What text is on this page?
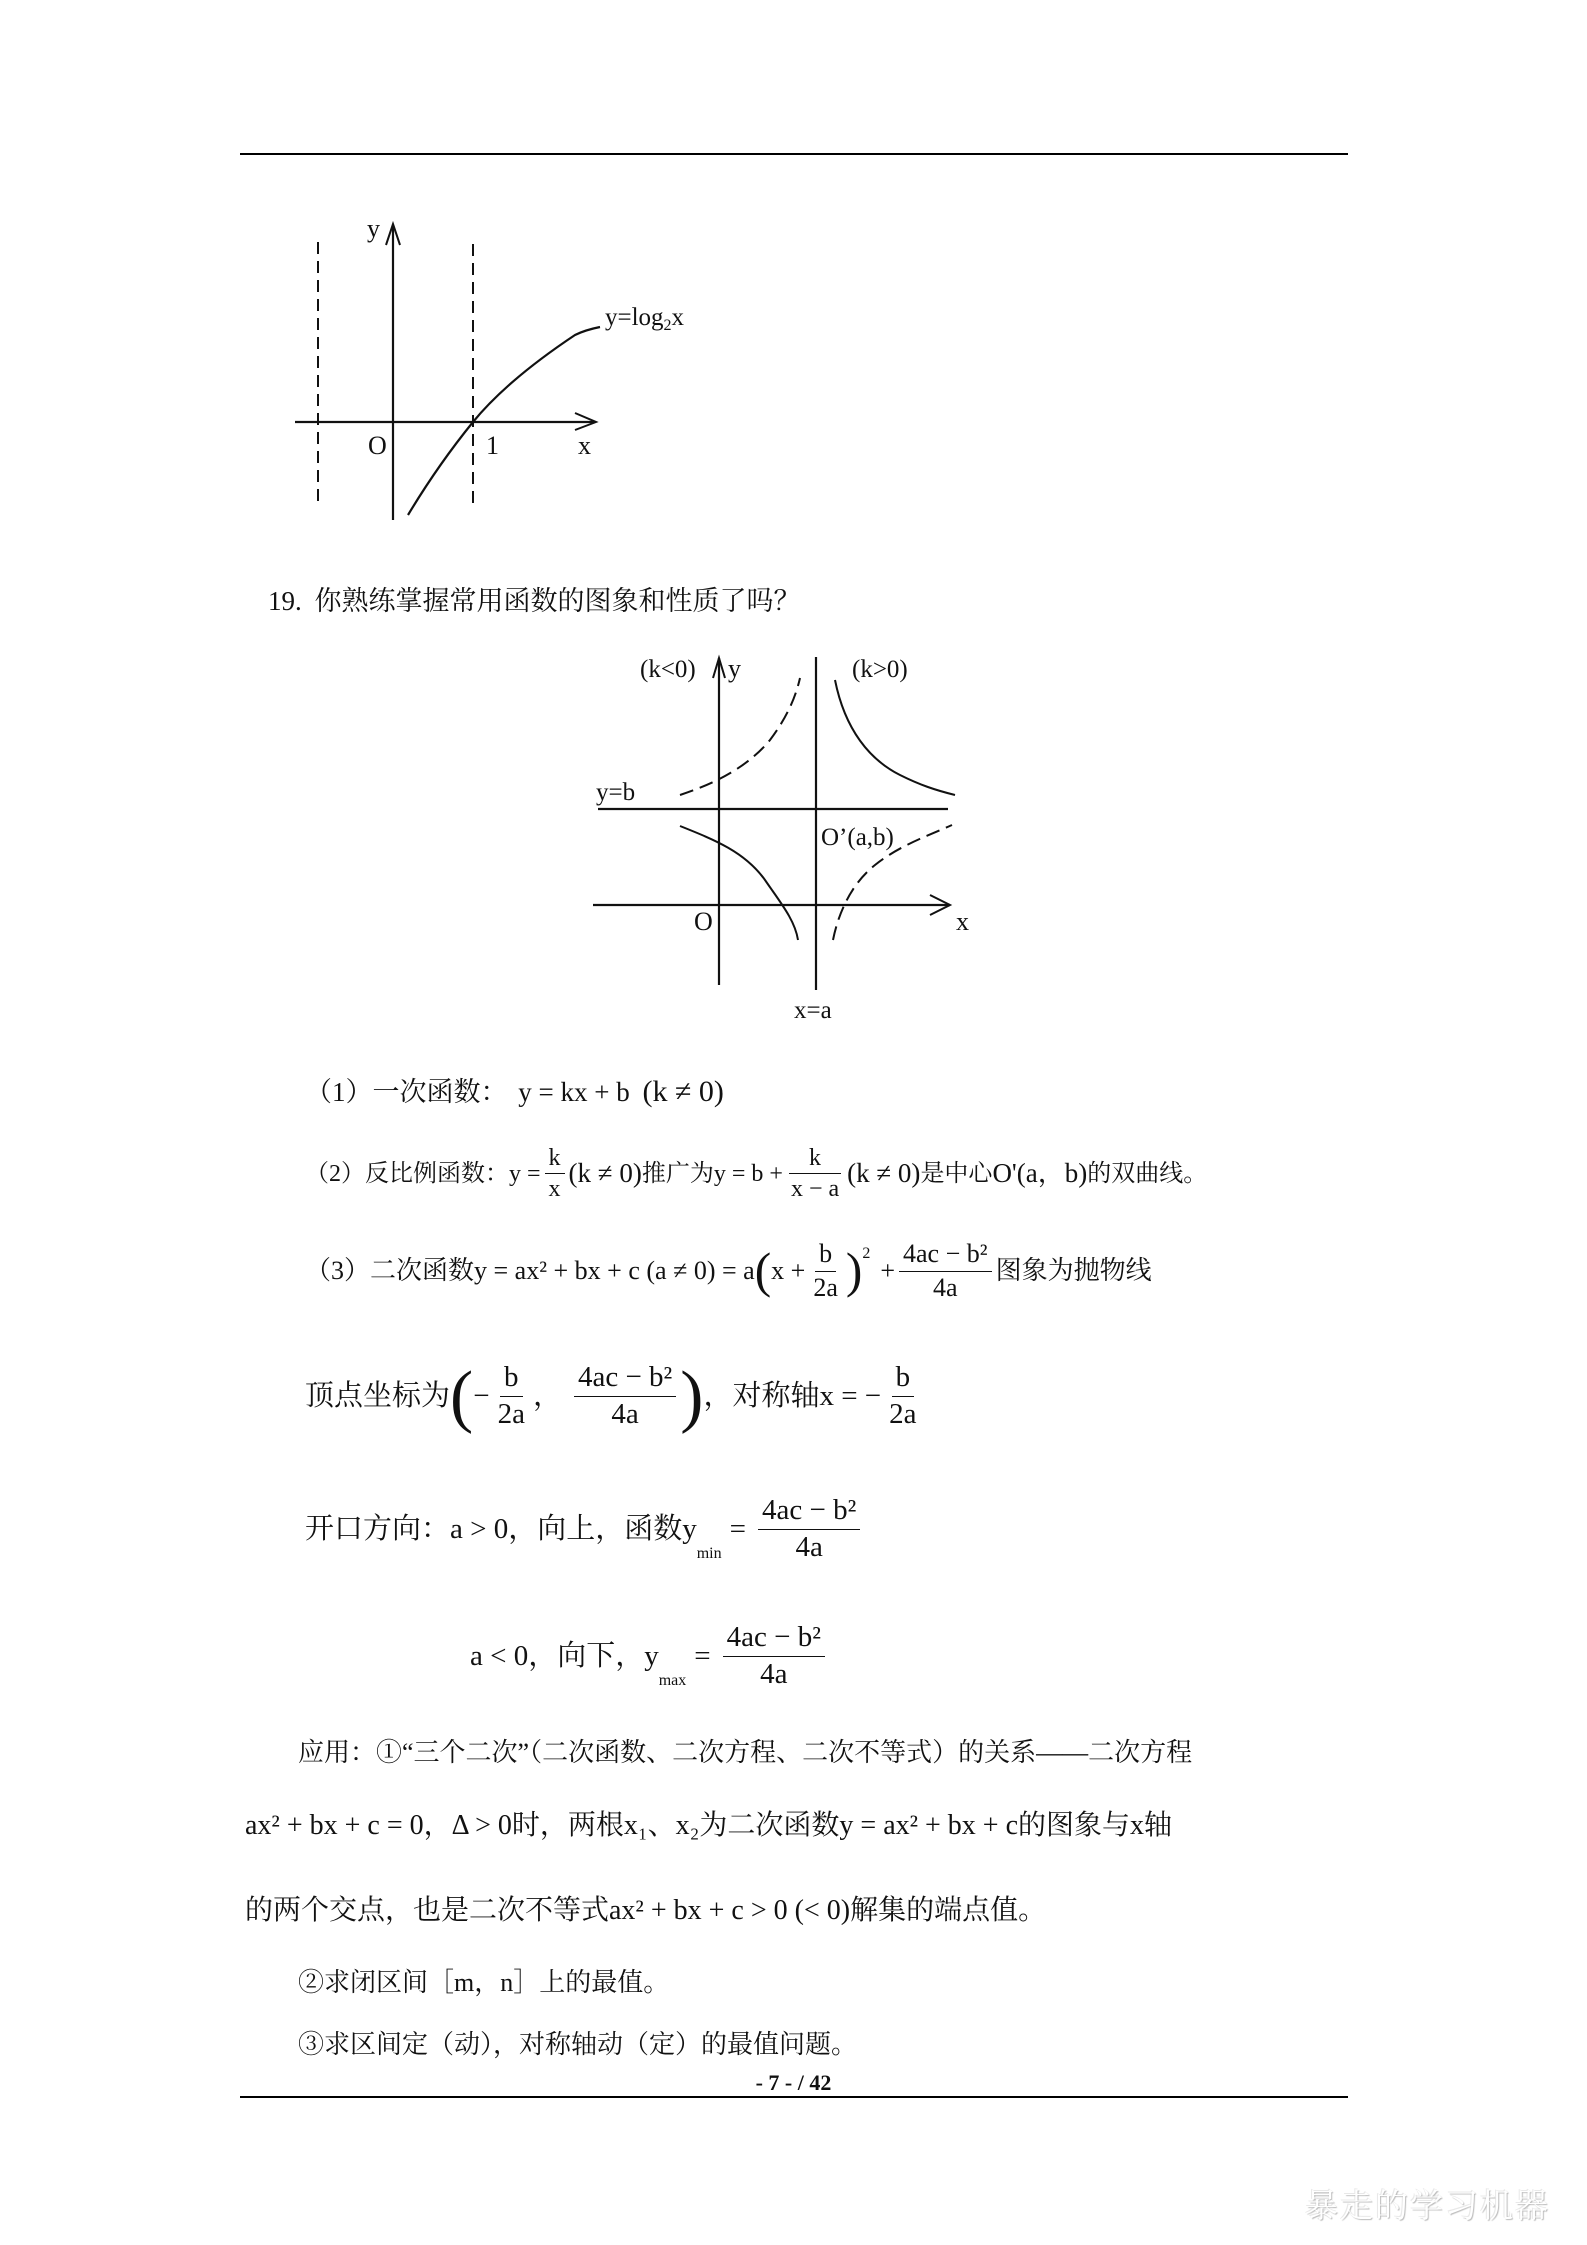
y
O	1	x
$y=\log_2x$
19. 你熟练掌握常用函数的图象和性质了吗？
(k<0) y	(k>0)
y=b
O’(a,b)
O	x
x=a
（1）一次函数： y = kx + b (k ≠ 0)
（2）反比例函数： $y = \frac{k}{x} (k \ne 0)$ 推广为 $y = b + \frac{k}{x - a} (k \ne 0)$ 是中心 O'(a，b) 的双曲线。
（3）二次函数 y = ax² + bx + c (a ≠ 0) = a ( $x + \frac{b}{2a}$ ) 2
+ $\frac{\text{4ac − b²}}{4a}$ 图象为抛物线
顶点坐标为 ( − $\frac{b}{2a}$ ， $\frac{\text{4ac − b²}}{4a}$ ) ，对称轴x = − $\frac{b}{2a}$
开口方向：a > 0，向上，函数y
min
= $\frac{\text{4ac − b²}}{4a}$
a < 0，向下，y
max
= $\frac{\text{4ac − b²}}{4a}$
应用：①“三个二次”（二次函数、二次方程、二次不等式）的关系——二次方程
ax² + bx + c = 0，Δ > 0时，两根x₁、x₂为二次函数y = ax² + bx + c的图象与x轴
的两个交点，也是二次不等式ax² + bx + c > 0 (< 0)解集的端点值。
②求闭区间［m，n］上的最值。
③求区间定（动），对称轴动（定）的最值问题。
- 7 - / 42
暴走的学习机器
